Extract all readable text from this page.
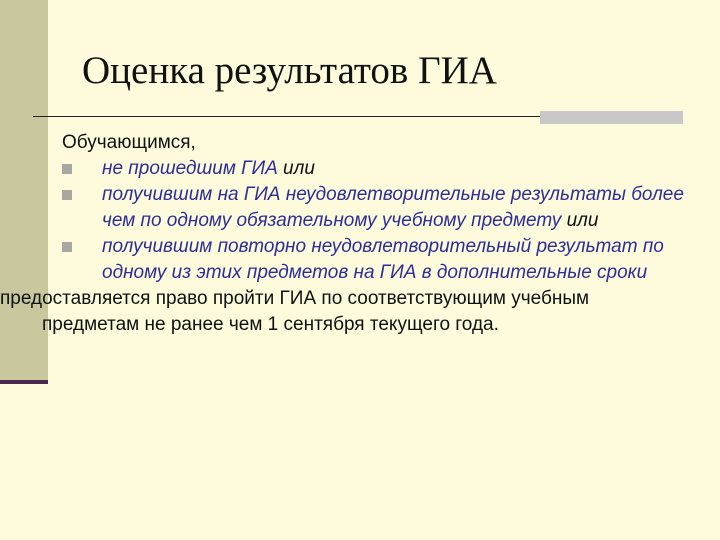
Оценка результатов ГИА
Обучающимся,
не прошедшим ГИА или
получившим на ГИА неудовлетворительные результаты более чем по одному обязательному учебному предмету или
получившим повторно неудовлетворительный результат по одному из этих предметов на ГИА в дополнительные сроки
предоставляется право пройти ГИА по соответствующим учебным предметам не ранее чем 1 сентября текущего года.
